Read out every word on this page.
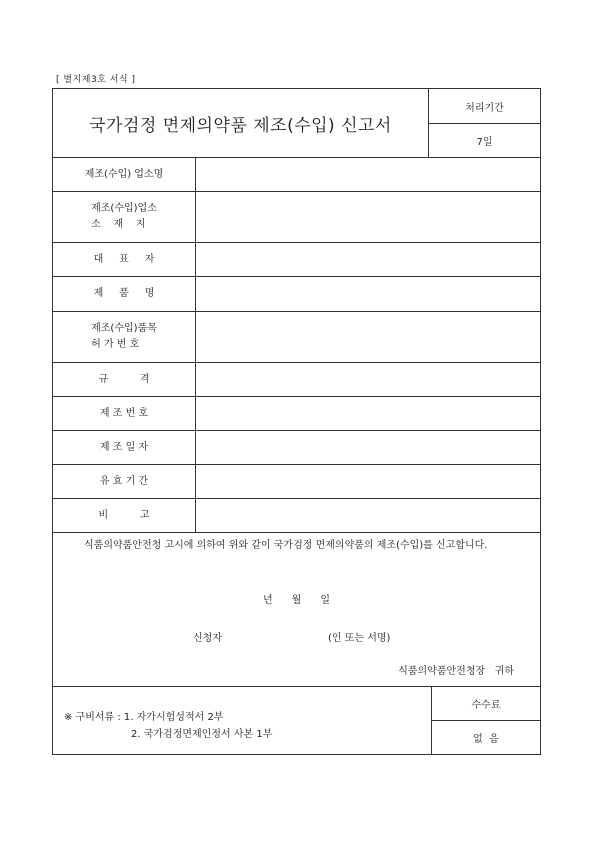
[ 별지제3호 서식 ]
국가검정 면제의약품 제조(수입) 신고서
처리기간
7일
제조(수입) 업소명
제조(수입)업소
소    재    지
대     표     자
제     품     명
제조(수입)품목
허 가 번 호
규          격
제 조 번 호
제 조 일 자
유 효 기 간
비          고
식품의약품안전청 고시에 의하여 위와 같이 국가검정 면제의약품의 제조(수입)를 신고합니다.
년      월      일
신청자	(인 또는 서명)
식품의약품안전청장   귀하
※ 구비서류 : 1. 자가시험성적서 2부
2. 국가검정면제인정서 사본 1부
수수료
없  음
